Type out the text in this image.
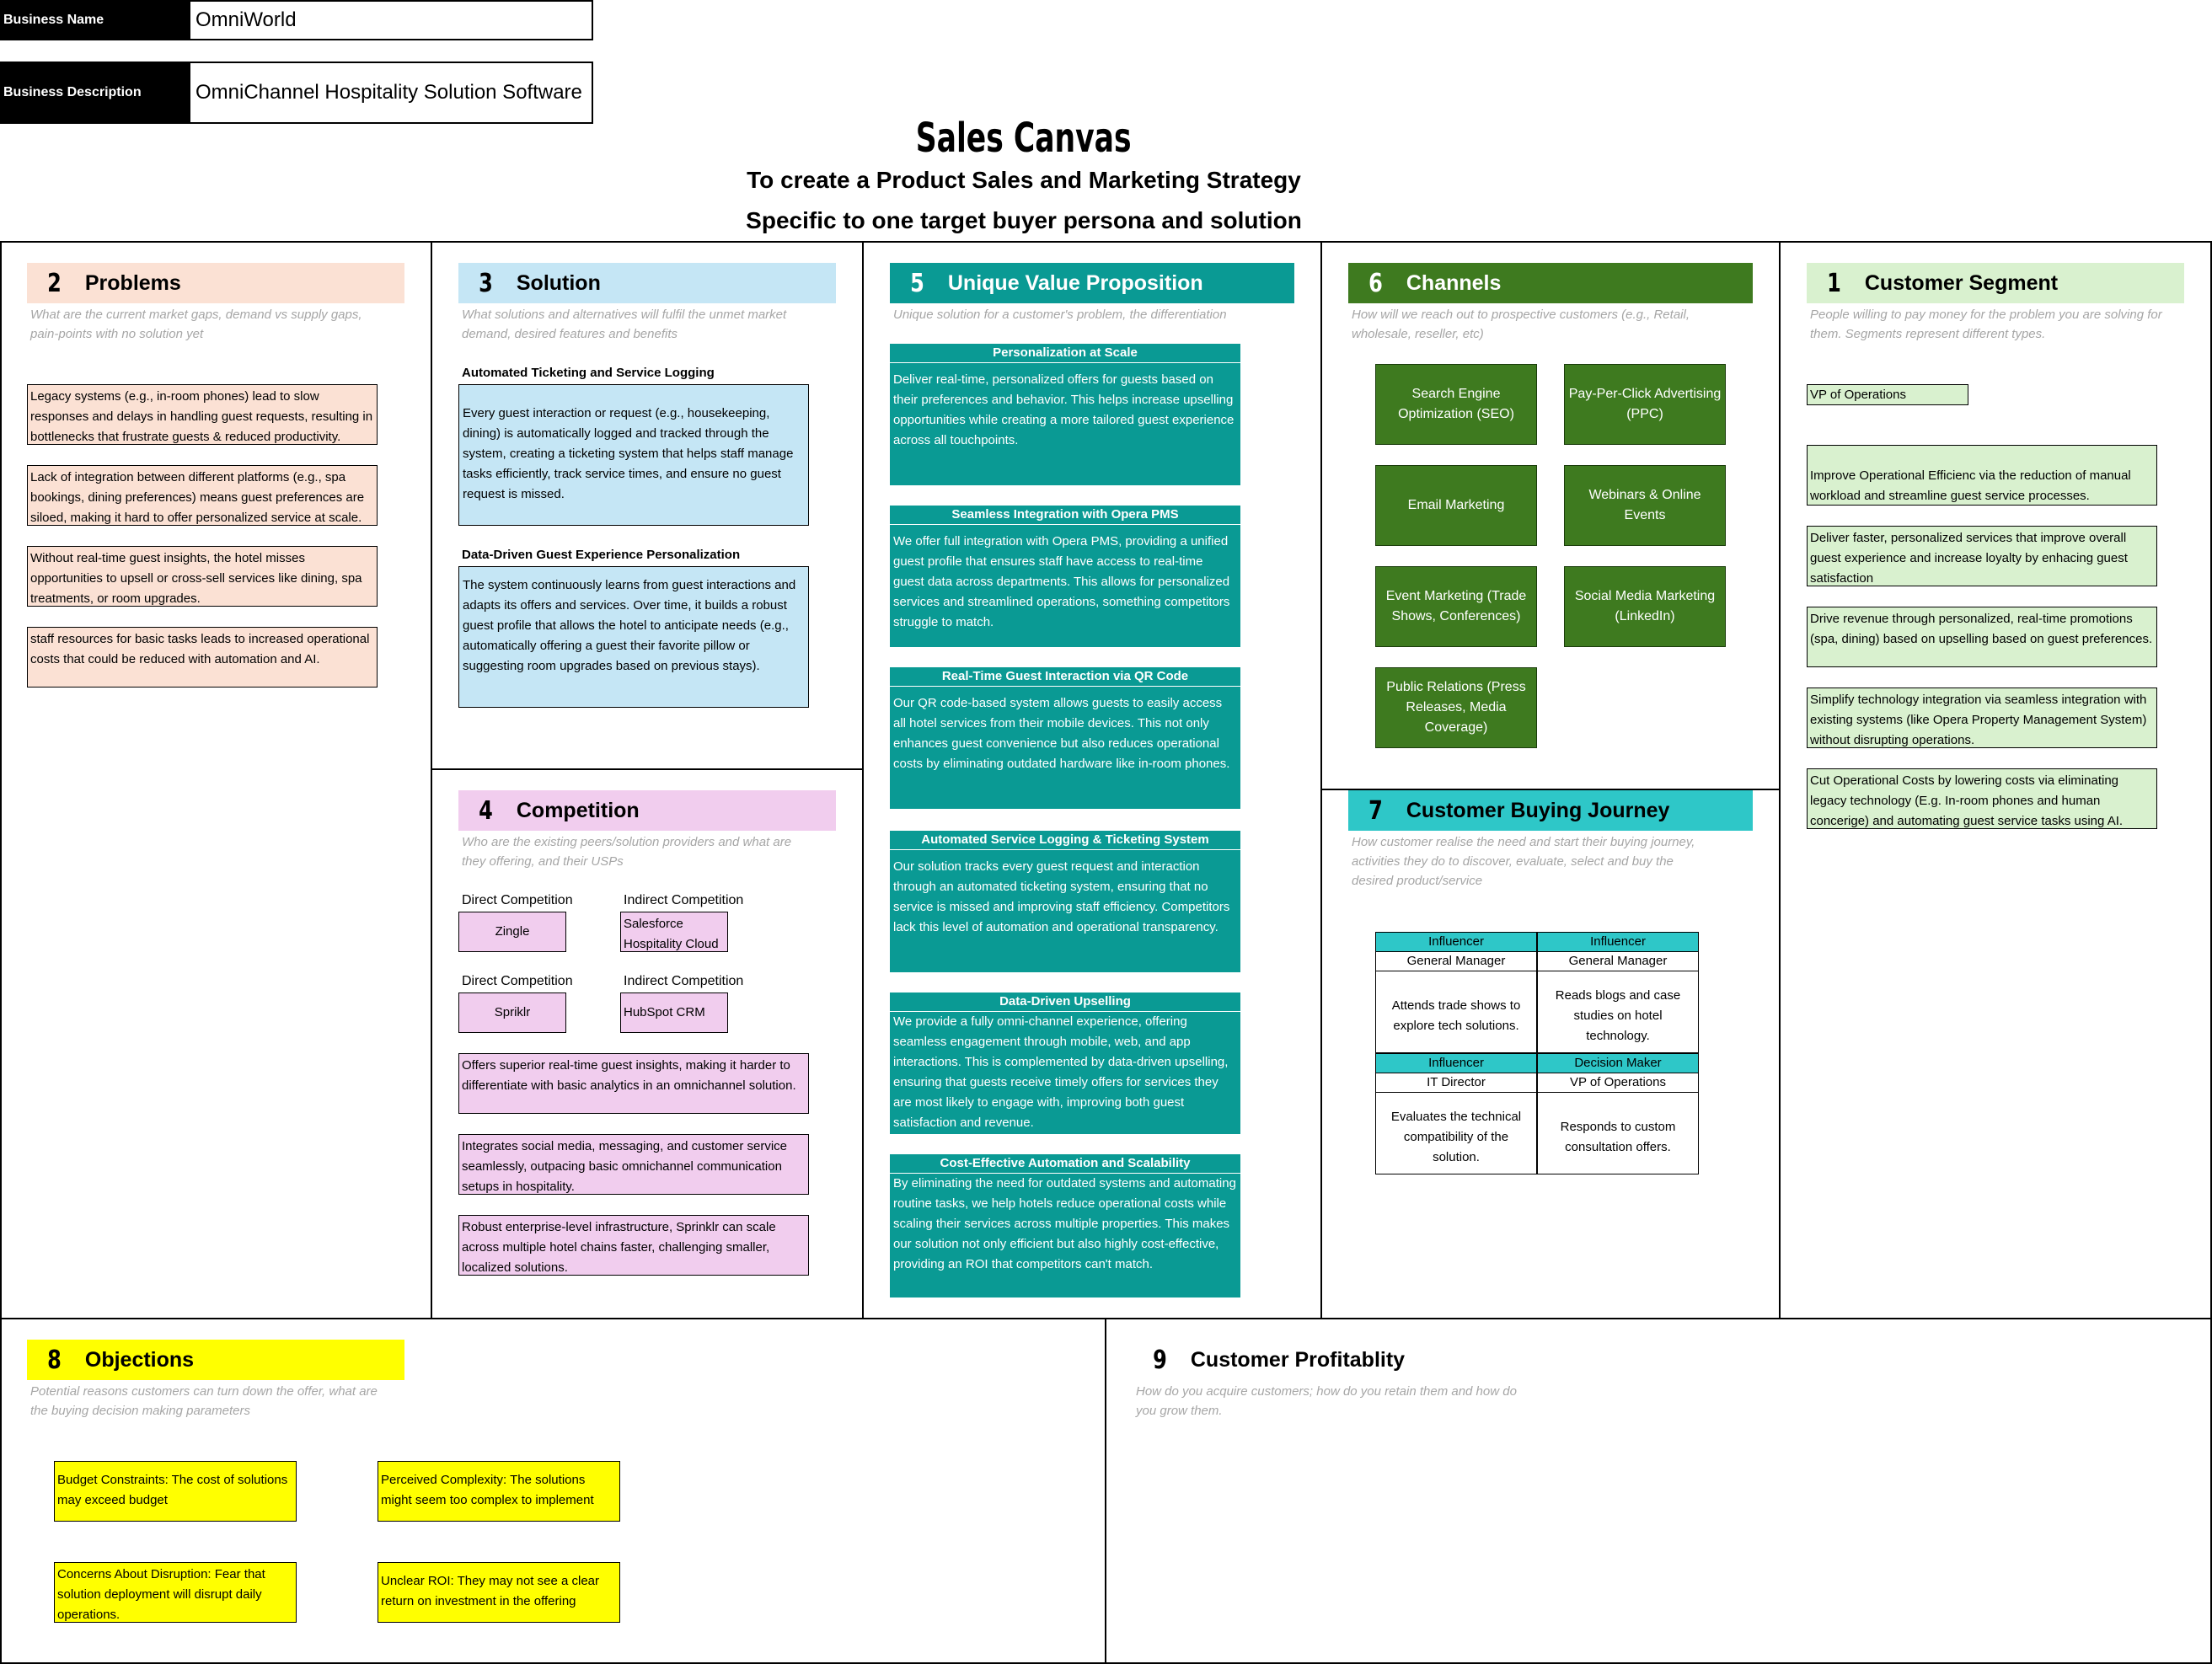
Business Name	OmniWorld
Business Description	OmniChannel Hospitality Solution Software
Sales Canvas
To create a Product Sales and Marketing Strategy
Specific to one target buyer persona and solution
2 Problems
What are the current market gaps, demand vs supply gaps, pain-points with no solution yet
Legacy systems (e.g., in-room phones) lead to slow responses and delays in handling guest requests, resulting in bottlenecks that frustrate guests & reduced productivity.
Lack of integration between different platforms (e.g., spa bookings, dining preferences) means guest preferences are siloed, making it hard to offer personalized service at scale.
Without real-time guest insights, the hotel misses opportunities to upsell or cross-sell services like dining, spa treatments, or room upgrades.
staff resources for basic tasks leads to increased operational costs that could be reduced with automation and AI.
3 Solution
What solutions and alternatives will fulfil the unmet market demand, desired features and benefits
Automated Ticketing and Service Logging
Every guest interaction or request (e.g., housekeeping, dining) is automatically logged and tracked through the system, creating a ticketing system that helps staff manage tasks efficiently, track service times, and ensure no guest request is missed.
Data-Driven Guest Experience Personalization
The system continuously learns from guest interactions and adapts its offers and services. Over time, it builds a robust guest profile that allows the hotel to anticipate needs (e.g., automatically offering a guest their favorite pillow or suggesting room upgrades based on previous stays).
4 Competition
Who are the existing peers/solution providers and what are they offering, and their USPs
Direct Competition
Zingle
Indirect Competition
Salesforce Hospitality Cloud
Direct Competition
Spriklr
Indirect Competition
HubSpot CRM
Offers superior real-time guest insights, making it harder to differentiate with basic analytics in an omnichannel solution.
Integrates social media, messaging, and customer service seamlessly, outpacing basic omnichannel communication setups in hospitality.
Robust enterprise-level infrastructure, Sprinklr can scale across multiple hotel chains faster, challenging smaller, localized solutions.
5 Unique Value Proposition
Unique solution for a customer's problem, the differentiation
Personalization at Scale
Deliver real-time, personalized offers for guests based on their preferences and behavior. This helps increase upselling opportunities while creating a more tailored guest experience across all touchpoints.
Seamless Integration with Opera PMS
We offer full integration with Opera PMS, providing a unified guest profile that ensures staff have access to real-time guest data across departments. This allows for personalized services and streamlined operations, something competitors struggle to match.
Real-Time Guest Interaction via QR Code
Our QR code-based system allows guests to easily access all hotel services from their mobile devices. This not only enhances guest convenience but also reduces operational costs by eliminating outdated hardware like in-room phones.
Automated Service Logging & Ticketing System
Our solution tracks every guest request and interaction through an automated ticketing system, ensuring that no service is missed and improving staff efficiency. Competitors lack this level of automation and operational transparency.
Data-Driven Upselling
We provide a fully omni-channel experience, offering seamless engagement through mobile, web, and app interactions. This is complemented by data-driven upselling, ensuring that guests receive timely offers for services they are most likely to engage with, improving both guest satisfaction and revenue.
Cost-Effective Automation and Scalability
By eliminating the need for outdated systems and automating routine tasks, we help hotels reduce operational costs while scaling their services across multiple properties. This makes our solution not only efficient but also highly cost-effective, providing an ROI that competitors can't match.
6 Channels
How will we reach out to prospective customers (e.g., Retail, wholesale, reseller, etc)
Search Engine Optimization (SEO)
Pay-Per-Click Advertising (PPC)
Email Marketing
Webinars & Online Events
Event Marketing (Trade Shows, Conferences)
Social Media Marketing (LinkedIn)
Public Relations (Press Releases, Media Coverage)
7 Customer Buying Journey
How customer realise the need and start their buying journey, activities they do to discover, evaluate, select and buy the desired product/service
Influencer
General Manager
Attends trade shows to explore tech solutions.
Influencer
General Manager
Reads blogs and case studies on hotel technology.
Influencer
IT Director
Evaluates the technical compatibility of the solution.
Decision Maker
VP of Operations
Responds to custom consultation offers.
1 Customer Segment
People willing to pay money for the problem you are solving for them. Segments represent different types.
VP of Operations
Improve Operational Efficienc via the reduction of manual workload and streamline guest service processes.
Deliver faster, personalized services that improve overall guest experience and increase loyalty by enhacing guest satisfaction
Drive revenue through personalized, real-time promotions (spa, dining) based on upselling based on guest preferences.
Simplify technology integration via seamless integration with existing systems (like Opera Property Management System) without disrupting operations.
Cut Operational Costs by lowering costs via eliminating legacy technology (E.g. In-room phones and human concerige) and automating guest service tasks using AI.
8 Objections
Potential reasons customers can turn down the offer, what are the buying decision making parameters
Budget Constraints: The cost of solutions may exceed budget
Perceived Complexity: The solutions might seem too complex to implement
Concerns About Disruption: Fear that solution deployment will disrupt daily operations.
Unclear ROI: They may not see a clear return on investment in the offering
9 Customer Profitablity
How do you acquire customers; how do you retain them and how do you grow them.
